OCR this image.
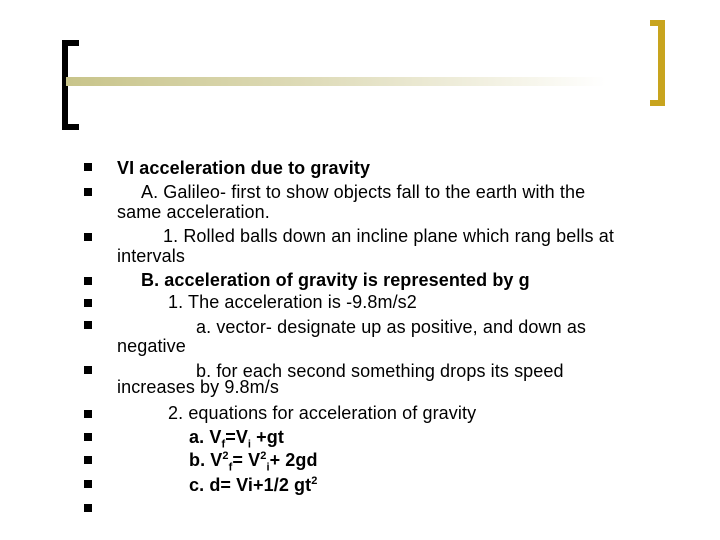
VI acceleration due to gravity
A. Galileo- first to show objects fall to the earth with the
same acceleration.
1. Rolled balls down an incline plane which rang bells at
intervals
B. acceleration of gravity is represented by g
1. The acceleration is -9.8m/s2
a. vector- designate up as positive, and down as
negative
b. for each second something drops its speed
increases by 9.8m/s
2. equations for acceleration of gravity
a. $V_f=V_i +gt$
b. $V^2_f= V^2_i+ 2gd$
c. d= Vi+1/2 $gt^2$
